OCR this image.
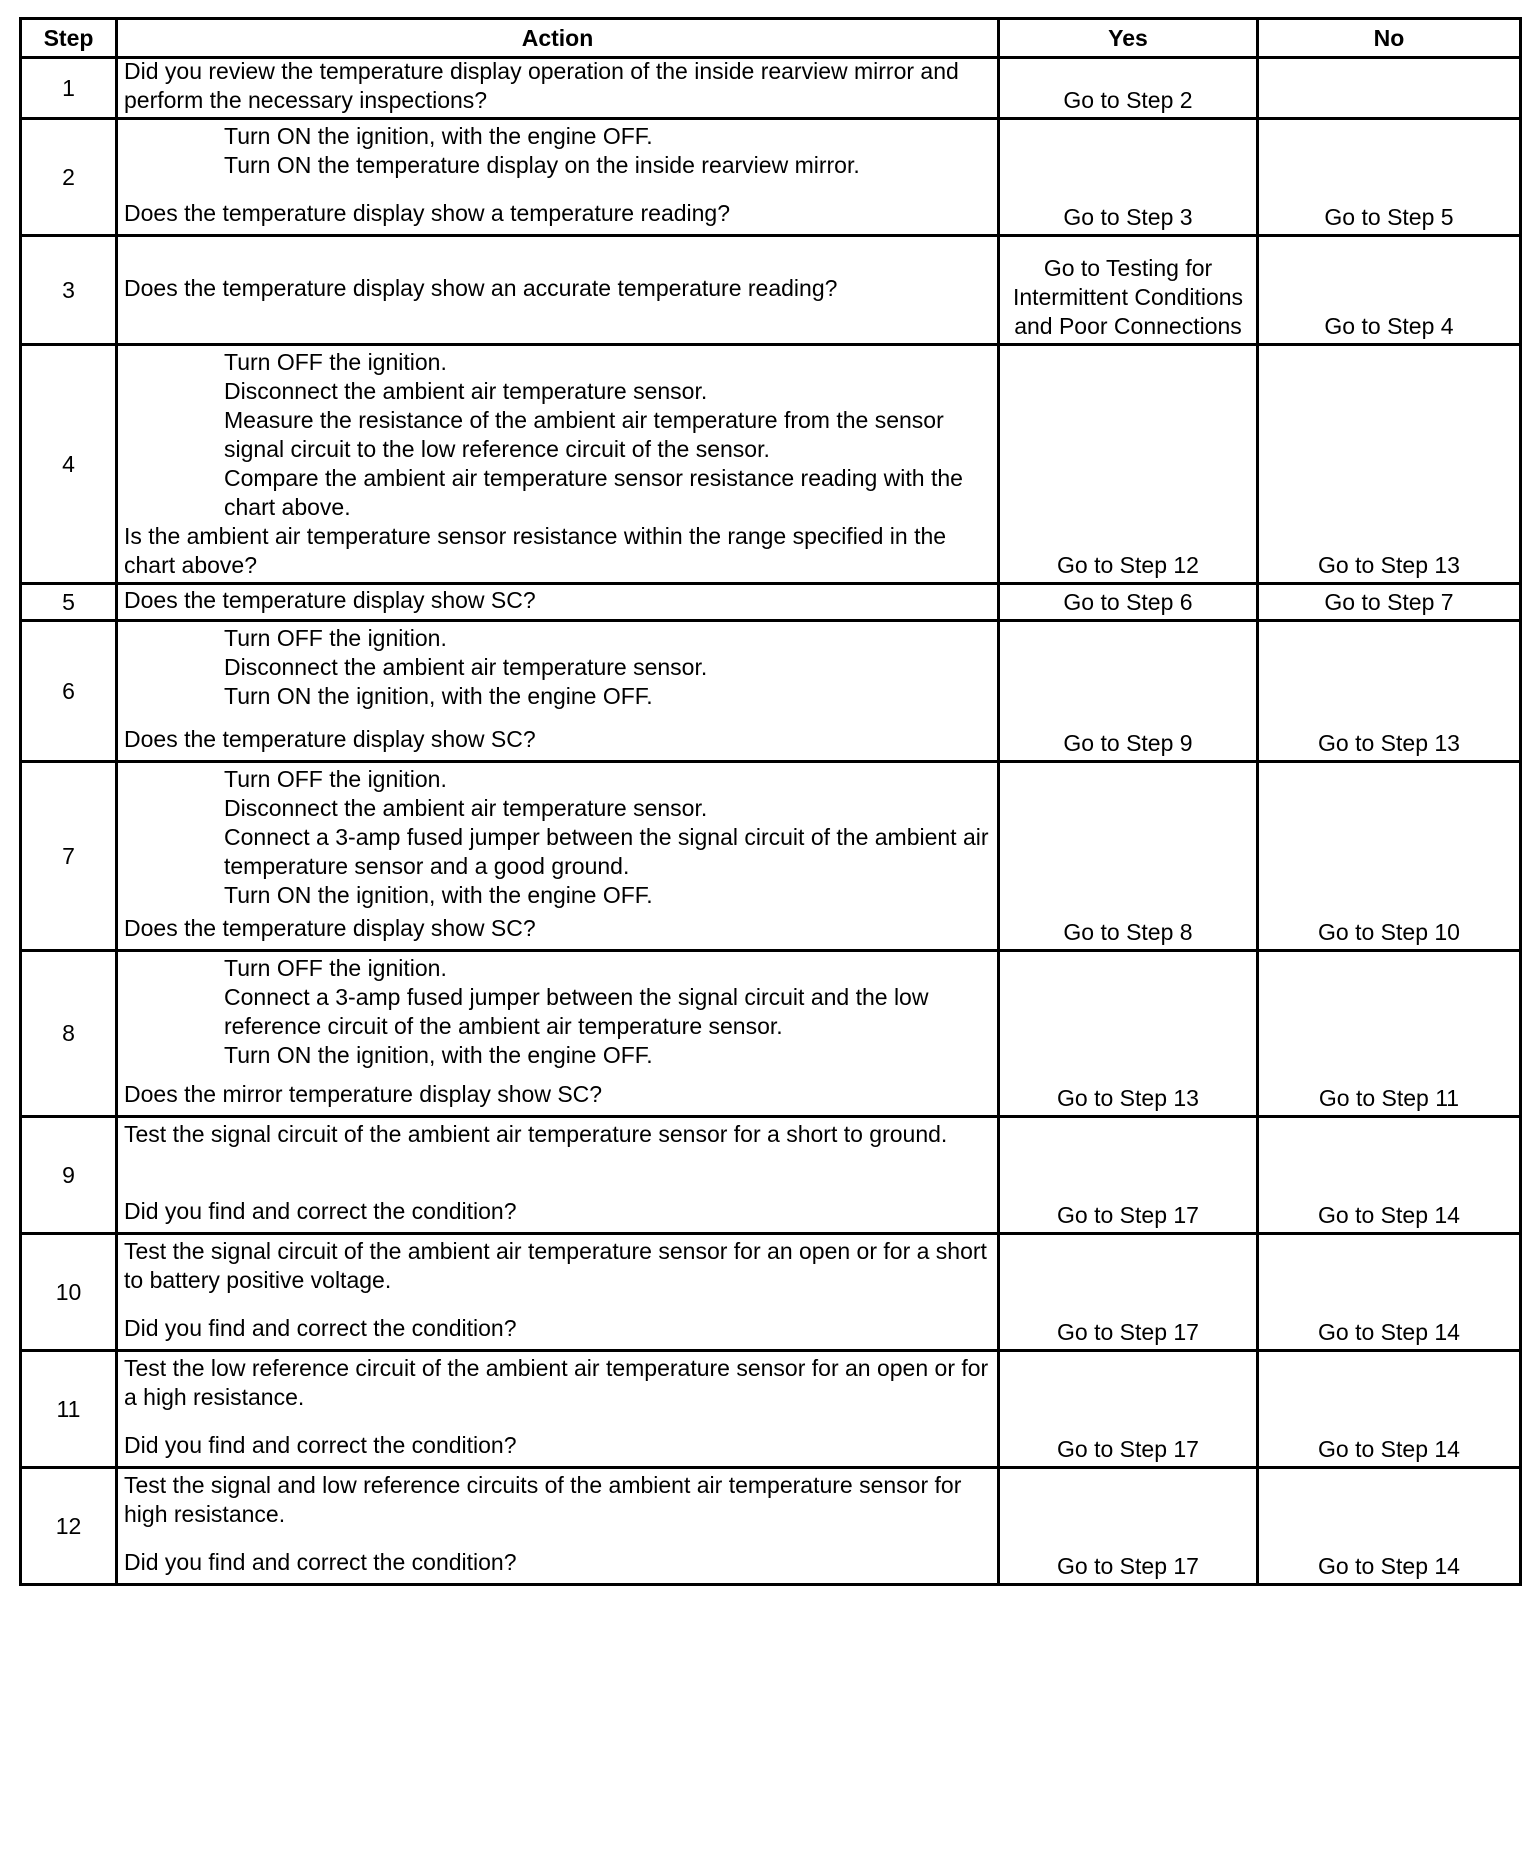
Step	Action	Yes	No
1	Did you review the temperature display operation of the inside rearview mirror and perform the necessary inspections?	Go to Step 2	
2	Turn ON the ignition, with the engine OFF.
Turn ON the temperature display on the inside rearview mirror.
Does the temperature display show a temperature reading?	Go to Step 3	Go to Step 5
3	Does the temperature display show an accurate temperature reading?	Go to Testing for Intermittent Conditions and Poor Connections	Go to Step 4
4	Turn OFF the ignition.
Disconnect the ambient air temperature sensor.
Measure the resistance of the ambient air temperature from the sensor signal circuit to the low reference circuit of the sensor.
Compare the ambient air temperature sensor resistance reading with the chart above.
Is the ambient air temperature sensor resistance within the range specified in the chart above?	Go to Step 12	Go to Step 13
5	Does the temperature display show SC?	Go to Step 6	Go to Step 7
6	Turn OFF the ignition.
Disconnect the ambient air temperature sensor.
Turn ON the ignition, with the engine OFF.
Does the temperature display show SC?	Go to Step 9	Go to Step 13
7	Turn OFF the ignition.
Disconnect the ambient air temperature sensor.
Connect a 3-amp fused jumper between the signal circuit of the ambient air temperature sensor and a good ground.
Turn ON the ignition, with the engine OFF.
Does the temperature display show SC?	Go to Step 8	Go to Step 10
8	Turn OFF the ignition.
Connect a 3-amp fused jumper between the signal circuit and the low reference circuit of the ambient air temperature sensor.
Turn ON the ignition, with the engine OFF.
Does the mirror temperature display show SC?	Go to Step 13	Go to Step 11
9	Test the signal circuit of the ambient air temperature sensor for a short to ground.
Did you find and correct the condition?	Go to Step 17	Go to Step 14
10	Test the signal circuit of the ambient air temperature sensor for an open or for a short to battery positive voltage.
Did you find and correct the condition?	Go to Step 17	Go to Step 14
11	Test the low reference circuit of the ambient air temperature sensor for an open or for a high resistance.
Did you find and correct the condition?	Go to Step 17	Go to Step 14
12	Test the signal and low reference circuits of the ambient air temperature sensor for high resistance.
Did you find and correct the condition?	Go to Step 17	Go to Step 14
